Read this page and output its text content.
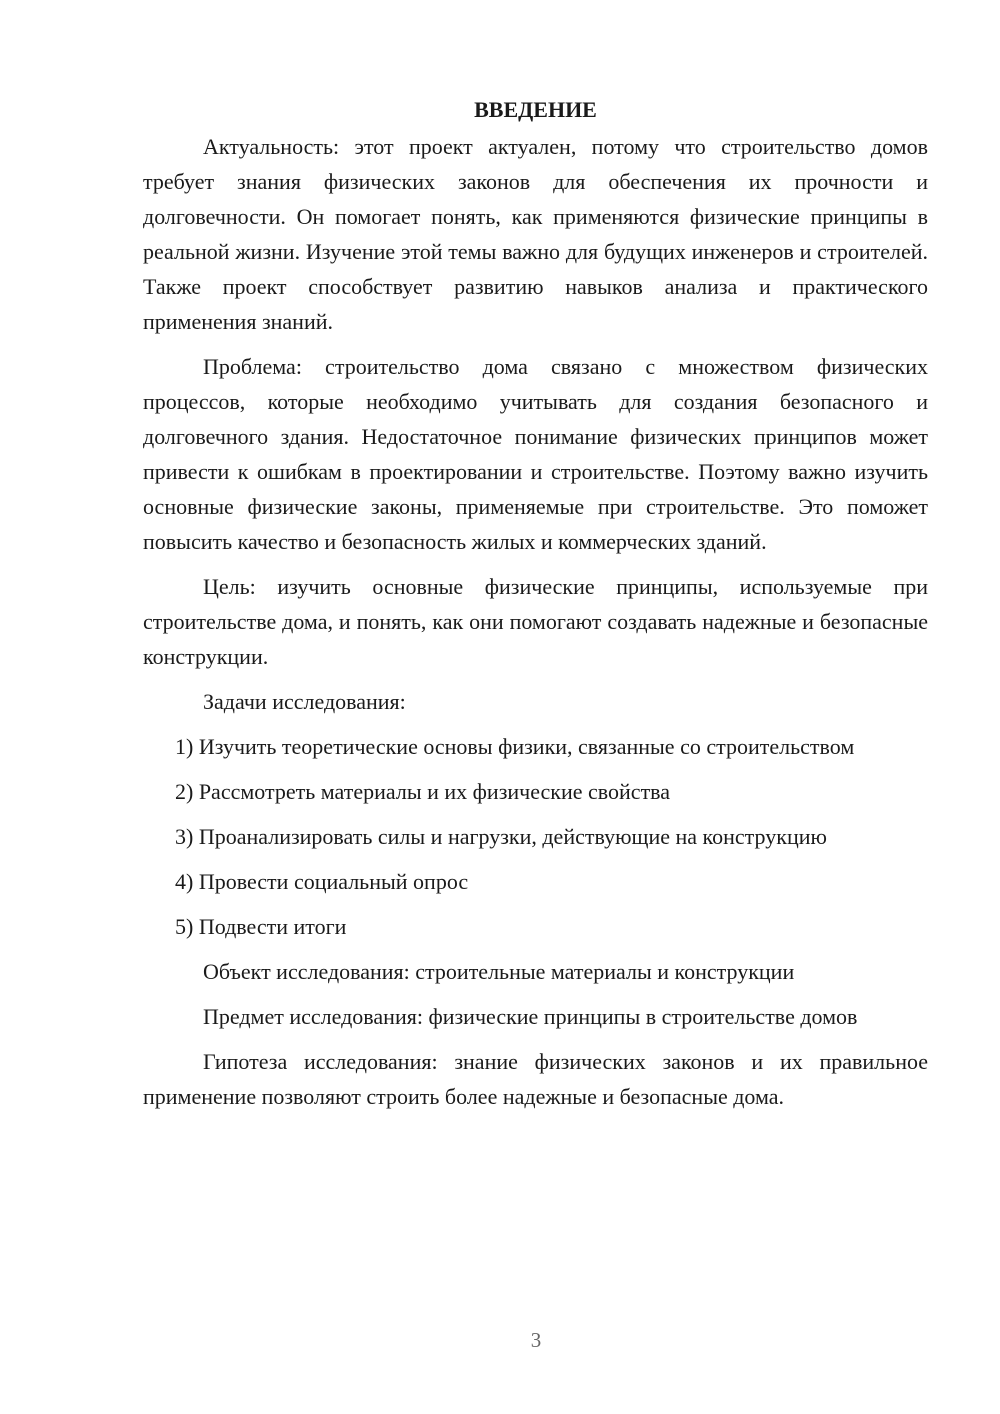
ВВЕДЕНИЕ

Актуальность: этот проект актуален, потому что строительство домов требует знания физических законов для обеспечения их прочности и долговечности. Он помогает понять, как применяются физические принципы в реальной жизни. Изучение этой темы важно для будущих инженеров и строителей. Также проект способствует развитию навыков анализа и практического применения знаний.

Проблема: строительство дома связано с множеством физических процессов, которые необходимо учитывать для создания безопасного и долговечного здания. Недостаточное понимание физических принципов может привести к ошибкам в проектировании и строительстве. Поэтому важно изучить основные физические законы, применяемые при строительстве. Это поможет повысить качество и безопасность жилых и коммерческих зданий.

Цель: изучить основные физические принципы, используемые при строительстве дома, и понять, как они помогают создавать надежные и безопасные конструкции.

Задачи исследования:

1) Изучить теоретические основы физики, связанные со строительством

2) Рассмотреть материалы и их физические свойства

3) Проанализировать силы и нагрузки, действующие на конструкцию

4) Провести социальный опрос

5) Подвести итоги

Объект исследования: строительные материалы и конструкции

Предмет исследования: физические принципы в строительстве домов

Гипотеза исследования: знание физических законов и их правильное применение позволяют строить более надежные и безопасные дома.

3
